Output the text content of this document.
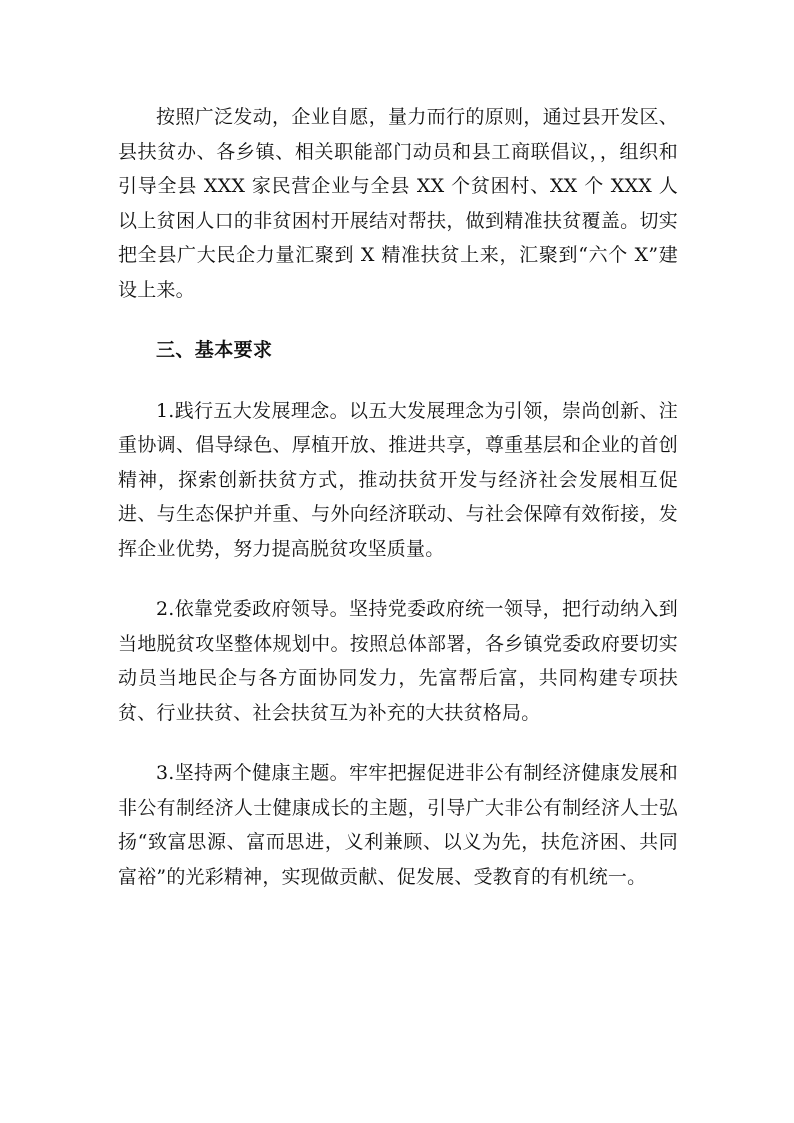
按照广泛发动，企业自愿，量力而行的原则，通过县开发区、县扶贫办、各乡镇、相关职能部门动员和县工商联倡议，，组织和引导全县 XXX 家民营企业与全县 XX 个贫困村、XX 个 XXX 人以上贫困人口的非贫困村开展结对帮扶，做到精准扶贫覆盖。切实把全县广大民企力量汇聚到 X 精准扶贫上来，汇聚到“六个 X”建设上来。

三、基本要求

1.践行五大发展理念。以五大发展理念为引领，崇尚创新、注重协调、倡导绿色、厚植开放、推进共享，尊重基层和企业的首创精神，探索创新扶贫方式，推动扶贫开发与经济社会发展相互促进、与生态保护并重、与外向经济联动、与社会保障有效衔接，发挥企业优势，努力提高脱贫攻坚质量。

2.依靠党委政府领导。坚持党委政府统一领导，把行动纳入到当地脱贫攻坚整体规划中。按照总体部署，各乡镇党委政府要切实动员当地民企与各方面协同发力，先富帮后富，共同构建专项扶贫、行业扶贫、社会扶贫互为补充的大扶贫格局。

3.坚持两个健康主题。牢牢把握促进非公有制经济健康发展和非公有制经济人士健康成长的主题，引导广大非公有制经济人士弘扬“致富思源、富而思进，义利兼顾、以义为先，扶危济困、共同富裕”的光彩精神，实现做贡献、促发展、受教育的有机统一。
